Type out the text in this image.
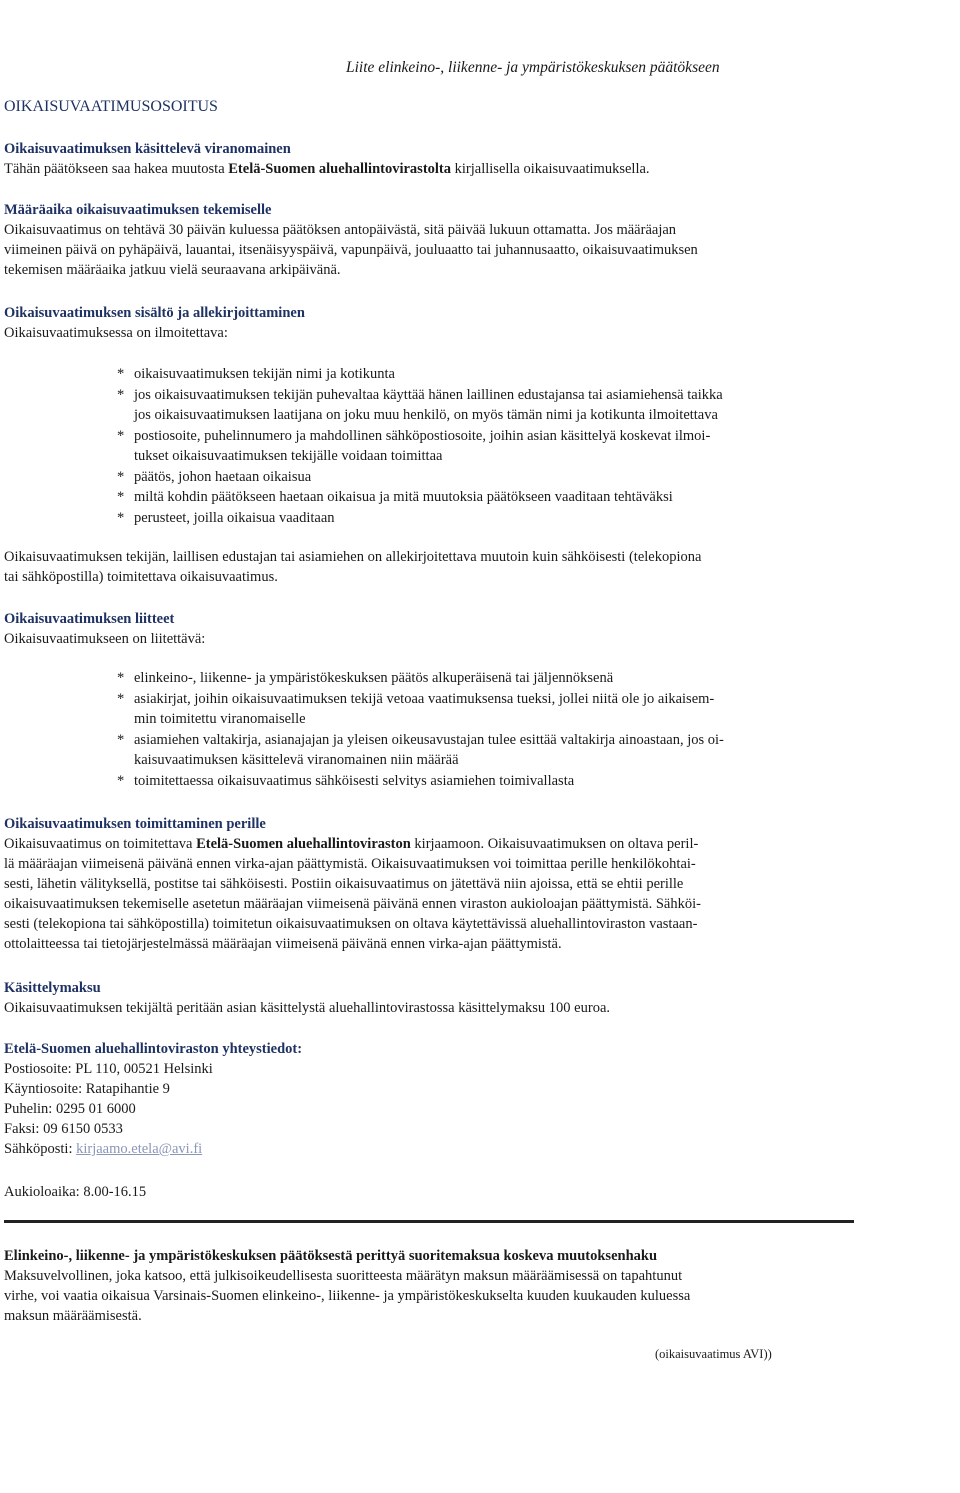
Liite elinkeino-, liikenne- ja ympäristökeskuksen päätökseen
OIKAISUVAATIMUSOSOITUS
Oikaisuvaatimuksen käsittelevä viranomainen
Tähän päätökseen saa hakea muutosta Etelä-Suomen aluehallintovirastolta kirjallisella oikaisuvaatimuksella.
Määräaika oikaisuvaatimuksen tekemiselle
Oikaisuvaatimus on tehtävä 30 päivän kuluessa päätöksen antopäivästä, sitä päivää lukuun ottamatta. Jos määräajan
viimeinen päivä on pyhäpäivä, lauantai, itsenäisyyspäivä, vapunpäivä, jouluaatto tai juhannusaatto, oikaisuvaatimuksen
tekemisen määräaika jatkuu vielä seuraavana arkipäivänä.
Oikaisuvaatimuksen sisältö ja allekirjoittaminen
Oikaisuvaatimuksessa on ilmoitettava:
* oikaisuvaatimuksen tekijän nimi ja kotikunta
* jos oikaisuvaatimuksen tekijän puhevaltaa käyttää hänen laillinen edustajansa tai asiamiehensä taikka
jos oikaisuvaatimuksen laatijana on joku muu henkilö, on myös tämän nimi ja kotikunta ilmoitettava
* postiosoite, puhelinnumero ja mahdollinen sähköpostiosoite, joihin asian käsittelyä koskevat ilmoi-
tukset oikaisuvaatimuksen tekijälle voidaan toimittaa
* päätös, johon haetaan oikaisua
* miltä kohdin päätökseen haetaan oikaisua ja mitä muutoksia päätökseen vaaditaan tehtäväksi
* perusteet, joilla oikaisua vaaditaan
Oikaisuvaatimuksen tekijän, laillisen edustajan tai asiamiehen on allekirjoitettava muutoin kuin sähköisesti (telekopiona
tai sähköpostilla) toimitettava oikaisuvaatimus.
Oikaisuvaatimuksen liitteet
Oikaisuvaatimukseen on liitettävä:
* elinkeino-, liikenne- ja ympäristökeskuksen päätös alkuperäisenä tai jäljennöksenä
* asiakirjat, joihin oikaisuvaatimuksen tekijä vetoaa vaatimuksensa tueksi, jollei niitä ole jo aikaisem-
min toimitettu viranomaiselle
* asiamiehen valtakirja, asianajajan ja yleisen oikeusavustajan tulee esittää valtakirja ainoastaan, jos oi-
kaisuvaatimuksen käsittelevä viranomainen niin määrää
* toimitettaessa oikaisuvaatimus sähköisesti selvitys asiamiehen toimivallasta
Oikaisuvaatimuksen toimittaminen perille
Oikaisuvaatimus on toimitettava Etelä-Suomen aluehallintoviraston kirjaamoon. Oikaisuvaatimuksen on oltava peril-
lä määräajan viimeisenä päivänä ennen virka-ajan päättymistä. Oikaisuvaatimuksen voi toimittaa perille henkilökohtai-
sesti, lähetin välityksellä, postitse tai sähköisesti. Postiin oikaisuvaatimus on jätettävä niin ajoissa, että se ehtii perille
oikaisuvaatimuksen tekemiselle asetetun määräajan viimeisenä päivänä ennen viraston aukioloajan päättymistä. Sähköi-
sesti (telekopiona tai sähköpostilla) toimitetun oikaisuvaatimuksen on oltava käytettävissä aluehallintoviraston vastaan-
ottolaitteessa tai tietojärjestelmässä määräajan viimeisenä päivänä ennen virka-ajan päättymistä.
Käsittelymaksu
Oikaisuvaatimuksen tekijältä peritään asian käsittelystä aluehallintovirastossa käsittelymaksu 100 euroa.
Etelä-Suomen aluehallintoviraston yhteystiedot:
Postiosoite: PL 110, 00521 Helsinki
Käyntiosoite: Ratapihantie 9
Puhelin: 0295 01 6000
Faksi: 09 6150 0533
Sähköposti: kirjaamo.etela@avi.fi
Aukioloaika: 8.00-16.15
Elinkeino-, liikenne- ja ympäristökeskuksen päätöksestä perittyä suoritemaksua koskeva muutoksenhaku
Maksuvelvollinen, joka katsoo, että julkisoikeudellisesta suoritteesta määrätyn maksun määräämisessä on tapahtunut
virhe, voi vaatia oikaisua Varsinais-Suomen elinkeino-, liikenne- ja ympäristökeskukselta kuuden kuukauden kuluessa
maksun määräämisestä.
(oikaisuvaatimus AVI))
